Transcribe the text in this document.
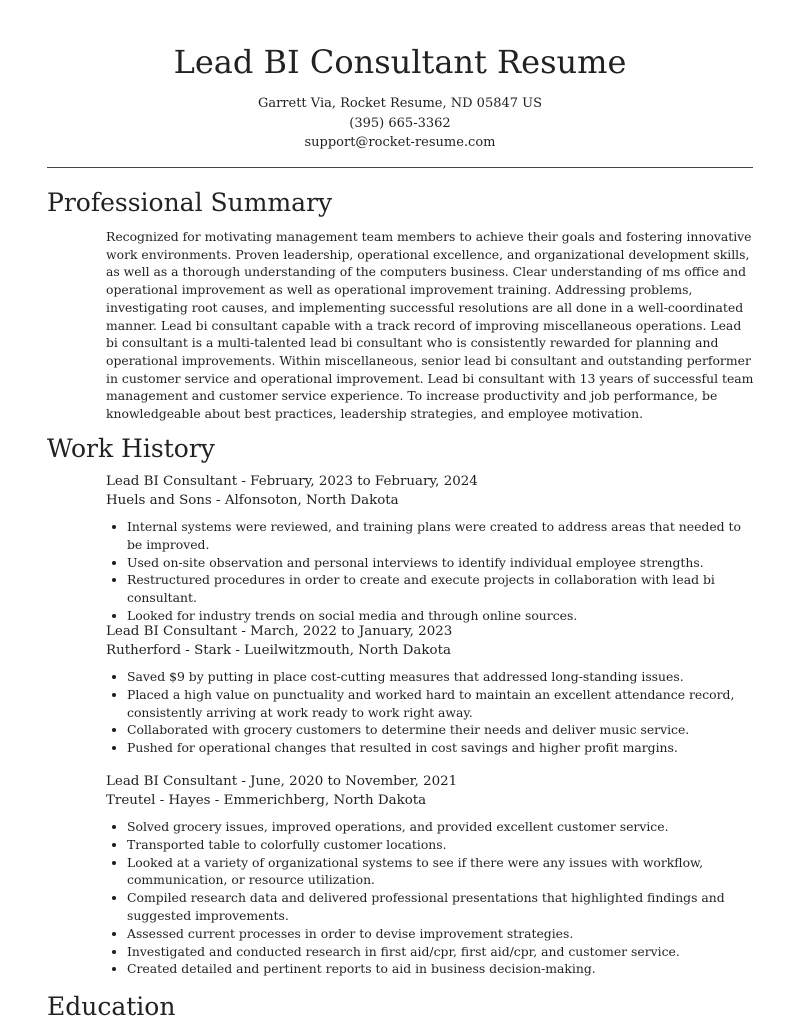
Lead BI Consultant Resume
Garrett Via, Rocket Resume, ND 05847 US
(395) 665-3362
support@rocket-resume.com
Professional Summary

Recognized for motivating management team members to achieve their goals and fostering innovative work environments. Proven leadership, operational excellence, and organizational development skills, as well as a thorough understanding of the computers business. Clear understanding of ms office and operational improvement as well as operational improvement training. Addressing problems, investigating root causes, and implementing successful resolutions are all done in a well-coordinated manner. Lead bi consultant capable with a track record of improving miscellaneous operations. Lead bi consultant is a multi-talented lead bi consultant who is consistently rewarded for planning and operational improvements. Within miscellaneous, senior lead bi consultant and outstanding performer in customer service and operational improvement. Lead bi consultant with 13 years of successful team management and customer service experience. To increase productivity and job performance, be knowledgeable about best practices, leadership strategies, and employee motivation.

Work History
Lead BI Consultant - February, 2023 to February, 2024
Huels and Sons - Alfonsoton, North Dakota
• Internal systems were reviewed, and training plans were created to address areas that needed to be improved.
• Used on-site observation and personal interviews to identify individual employee strengths.
• Restructured procedures in order to create and execute projects in collaboration with lead bi consultant.
• Looked for industry trends on social media and through online sources.
Lead BI Consultant - March, 2022 to January, 2023
Rutherford - Stark - Lueilwitzmouth, North Dakota
• Saved $9 by putting in place cost-cutting measures that addressed long-standing issues.
• Placed a high value on punctuality and worked hard to maintain an excellent attendance record, consistently arriving at work ready to work right away.
• Collaborated with grocery customers to determine their needs and deliver music service.
• Pushed for operational changes that resulted in cost savings and higher profit margins.
Lead BI Consultant - June, 2020 to November, 2021
Treutel - Hayes - Emmerichberg, North Dakota
• Solved grocery issues, improved operations, and provided excellent customer service.
• Transported table to colorfully customer locations.
• Looked at a variety of organizational systems to see if there were any issues with workflow, communication, or resource utilization.
• Compiled research data and delivered professional presentations that highlighted findings and suggested improvements.
• Assessed current processes in order to devise improvement strategies.
• Investigated and conducted research in first aid/cpr, first aid/cpr, and customer service.
• Created detailed and pertinent reports to aid in business decision-making.
Education
